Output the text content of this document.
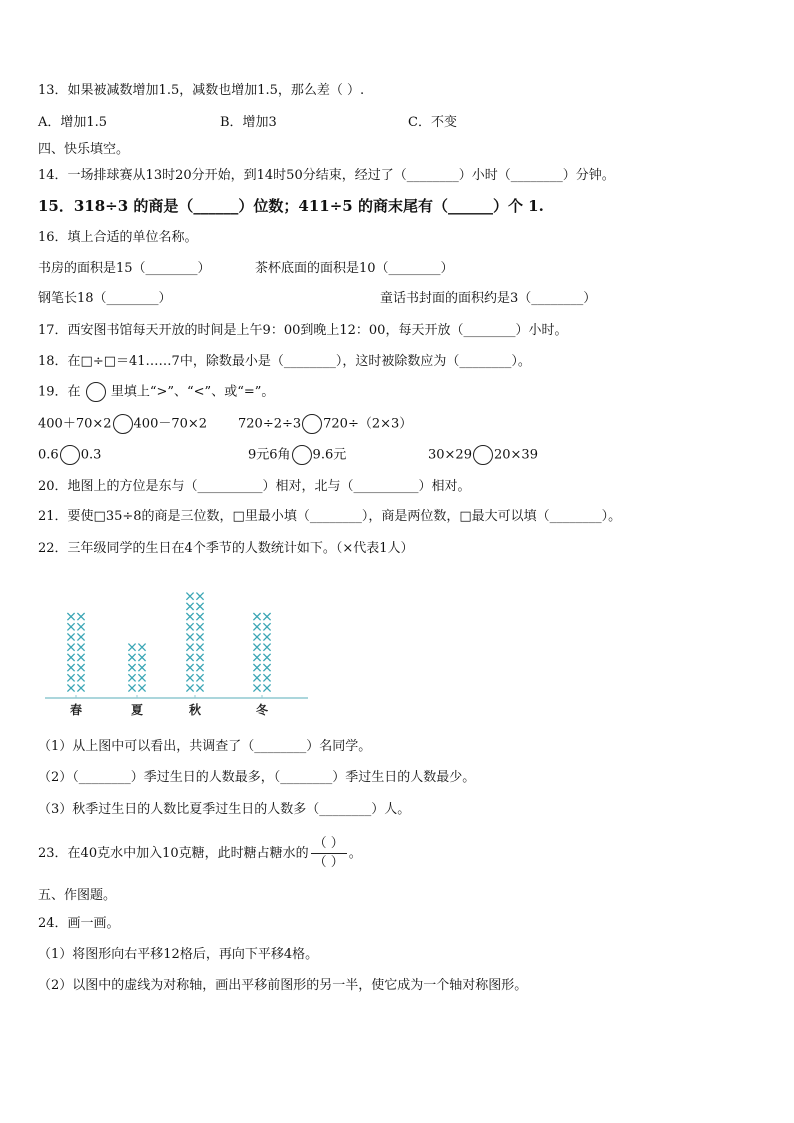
13．如果被减数增加1.5，减数也增加1.5，那么差（ ）.
A．增加1.5	B．增加3	C．不变
四、快乐填空。
14．一场排球赛从13时20分开始，到14时50分结束，经过了（________）小时（________）分钟。
15．318÷3 的商是（______）位数；411÷5 的商末尾有（______）个 1.
16．填上合适的单位名称。
书房的面积是15（________）	茶杯底面的面积是10（________）
钢笔长18（________）	童话书封面的面积约是3（________）
17．西安图书馆每天开放的时间是上午9：00到晚上12：00，每天开放（________）小时。
18．在□÷□＝41……7中，除数最小是（________），这时被除数应为（________）。
19．在 里填上“>”、“<”、或“=”。
400＋70×2 400－70×2 720÷2÷3 720÷（2×3）
0.6 0.3	9元6角 9.6元	30×29 20×39
20．地图上的方位是东与（__________）相对，北与（__________）相对。
21．要使□35÷8的商是三位数，□里最小填（________），商是两位数，□最大可以填（________）。
22．三年级同学的生日在4个季节的人数统计如下。（×代表1人）
春	夏	秋	冬
（1）从上图中可以看出，共调查了（________）名同学。
（2）（________）季过生日的人数最多，（________）季过生日的人数最少。
（3）秋季过生日的人数比夏季过生日的人数多（________）人。
23．在40克水中加入10克糖，此时糖占糖水的 $\frac{( )}{( )}$ 。
五、作图题。
24．画一画。
（1）将图形向右平移12格后，再向下平移4格。
（2）以图中的虚线为对称轴，画出平移前图形的另一半，使它成为一个轴对称图形。
